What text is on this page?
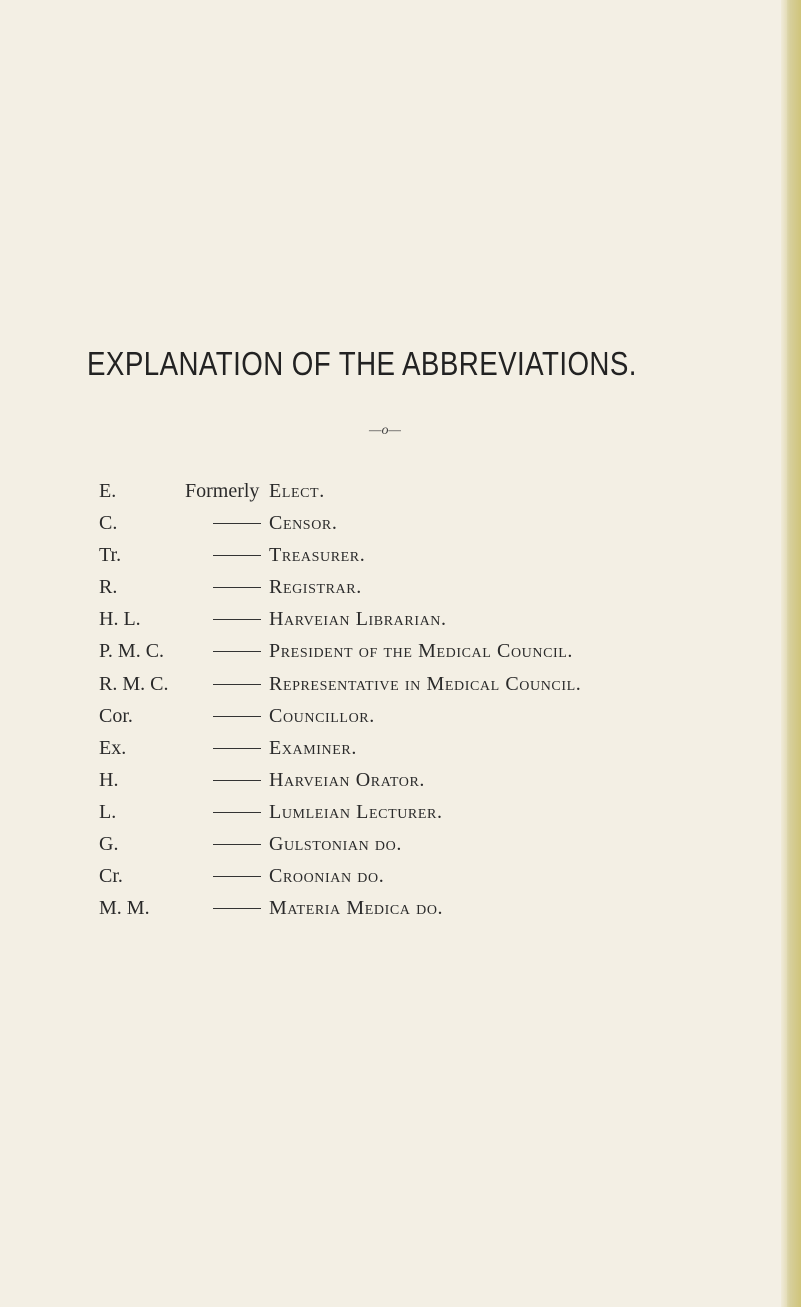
EXPLANATION OF THE ABBREVIATIONS.
—o—
E.	Formerly Elect.
C.	Censor.
Tr.	Treasurer.
R.	Registrar.
H. L.	Harveian Librarian.
P. M. C.	President of the Medical Council.
R. M. C.	Representative in Medical Council.
Cor.	Councillor.
Ex.	Examiner.
H.	Harveian Orator.
L.	Lumleian Lecturer.
G.	Gulstonian do.
Cr.	Croonian do.
M. M.	Materia Medica do.
